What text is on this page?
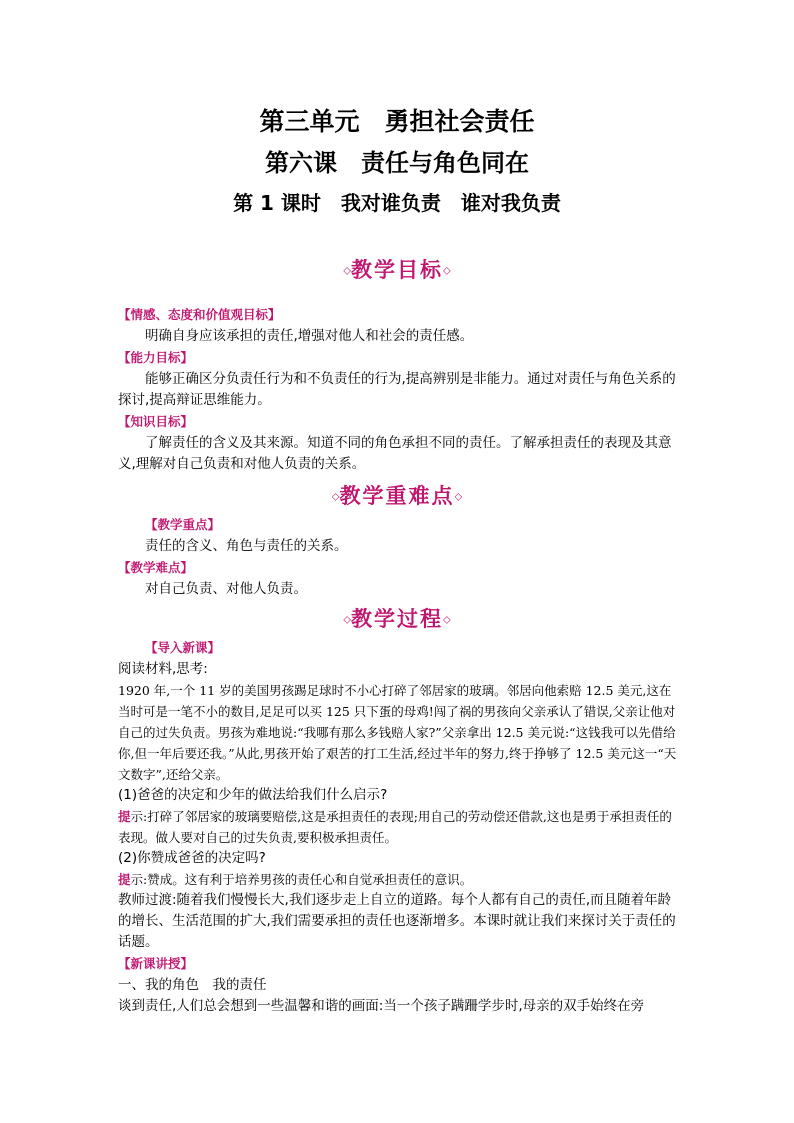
第三单元　勇担社会责任
第六课　责任与角色同在
第 1 课时　我对谁负责　谁对我负责
◇教学目标◇

【情感、态度和价值观目标】

明确自身应该承担的责任,增强对他人和社会的责任感。

【能力目标】

能够正确区分负责任行为和不负责任的行为,提高辨别是非能力。通过对责任与角色关系的探讨,提高辩证思维能力。

【知识目标】

了解责任的含义及其来源。知道不同的角色承担不同的责任。了解承担责任的表现及其意义,理解对自己负责和对他人负责的关系。

◇教学重难点◇

【教学重点】

责任的含义、角色与责任的关系。

【教学难点】

对自己负责、对他人负责。

◇教学过程◇

【导入新课】

阅读材料,思考:

1920 年,一个 11 岁的美国男孩踢足球时不小心打碎了邻居家的玻璃。邻居向他索赔 12.5 美元,这在当时可是一笔不小的数目,足足可以买 125 只下蛋的母鸡!闯了祸的男孩向父亲承认了错误,父亲让他对自己的过失负责。男孩为难地说:“我哪有那么多钱赔人家?”父亲拿出 12.5 美元说:“这钱我可以先借给你,但一年后要还我。”从此,男孩开始了艰苦的打工生活,经过半年的努力,终于挣够了 12.5 美元这一“天文数字”,还给父亲。

(1)爸爸的决定和少年的做法给我们什么启示?

提示:打碎了邻居家的玻璃要赔偿,这是承担责任的表现;用自己的劳动偿还借款,这也是勇于承担责任的表现。做人要对自己的过失负责,要积极承担责任。

(2)你赞成爸爸的决定吗?

提示:赞成。这有利于培养男孩的责任心和自觉承担责任的意识。

教师过渡:随着我们慢慢长大,我们逐步走上自立的道路。每个人都有自己的责任,而且随着年龄的增长、生活范围的扩大,我们需要承担的责任也逐渐增多。本课时就让我们来探讨关于责任的话题。

【新课讲授】

一、我的角色　我的责任

谈到责任,人们总会想到一些温馨和谐的画面:当一个孩子蹒跚学步时,母亲的双手始终在旁
